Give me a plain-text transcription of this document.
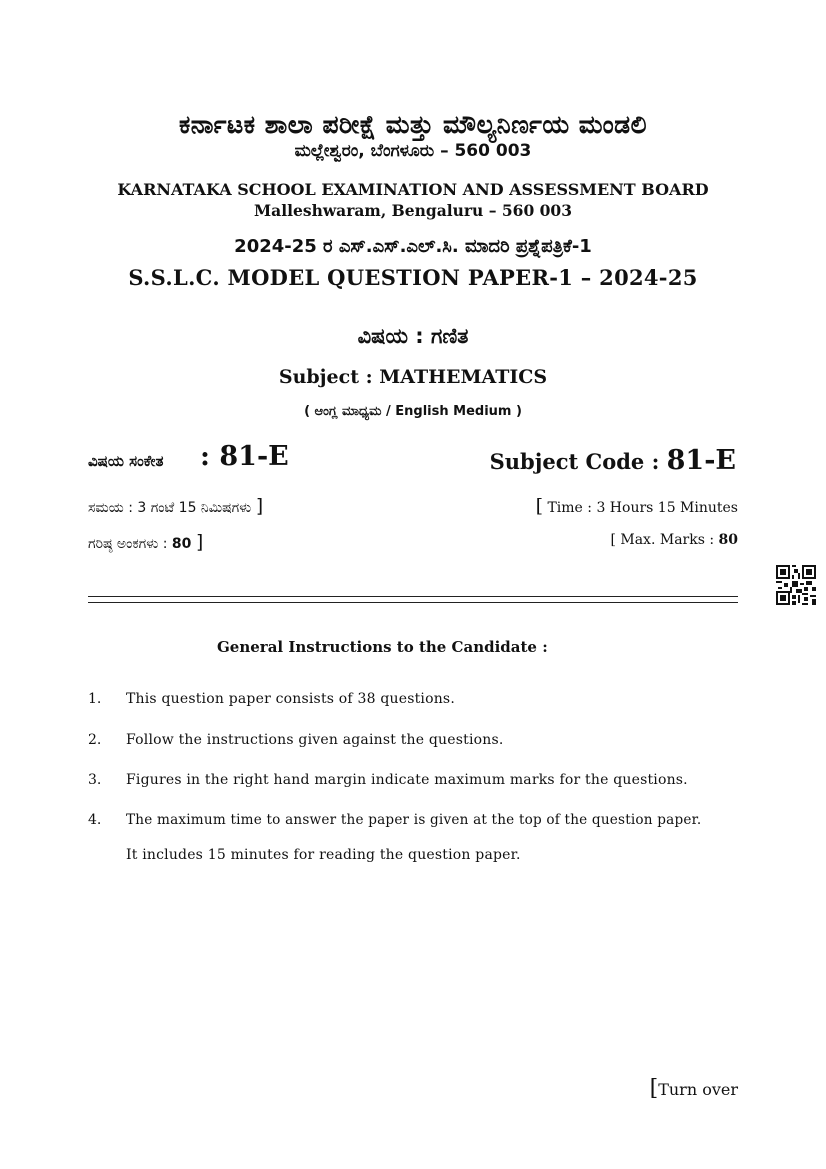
ಕರ್ನಾಟಕ ಶಾಲಾ ಪರೀಕ್ಷೆ ಮತ್ತು ಮೌಲ್ಯನಿರ್ಣಯ ಮಂಡಲಿ
ಮಲ್ಲೇಶ್ವರಂ, ಬೆಂಗಳೂರು – 560 003
KARNATAKA SCHOOL EXAMINATION AND ASSESSMENT BOARD
Malleshwaram, Bengaluru – 560 003
2024-25 ರ ಎಸ್.ಎಸ್.ಎಲ್.ಸಿ. ಮಾದರಿ ಪ್ರಶ್ನೆಪತ್ರಿಕೆ-1
S.S.L.C. MODEL QUESTION PAPER-1 – 2024-25
ವಿಷಯ : ಗಣಿತ
Subject : MATHEMATICS
( ಆಂಗ್ಲ ಮಾಧ್ಯಮ / English Medium )
ವಿಷಯ ಸಂಕೇತ : 81-E	Subject Code : 81-E
ಸಮಯ : 3 ಗಂಟೆ 15 ನಿಮಿಷಗಳು ]	[ Time : 3 Hours 15 Minutes
ಗರಿಷ್ಠ ಅಂಕಗಳು : 80 ]	[ Max. Marks : 80
General Instructions to the Candidate :
1. This question paper consists of 38 questions.
2. Follow the instructions given against the questions.
3. Figures in the right hand margin indicate maximum marks for the questions.
4. The maximum time to answer the paper is given at the top of the question paper.
It includes 15 minutes for reading the question paper.
[Turn over
